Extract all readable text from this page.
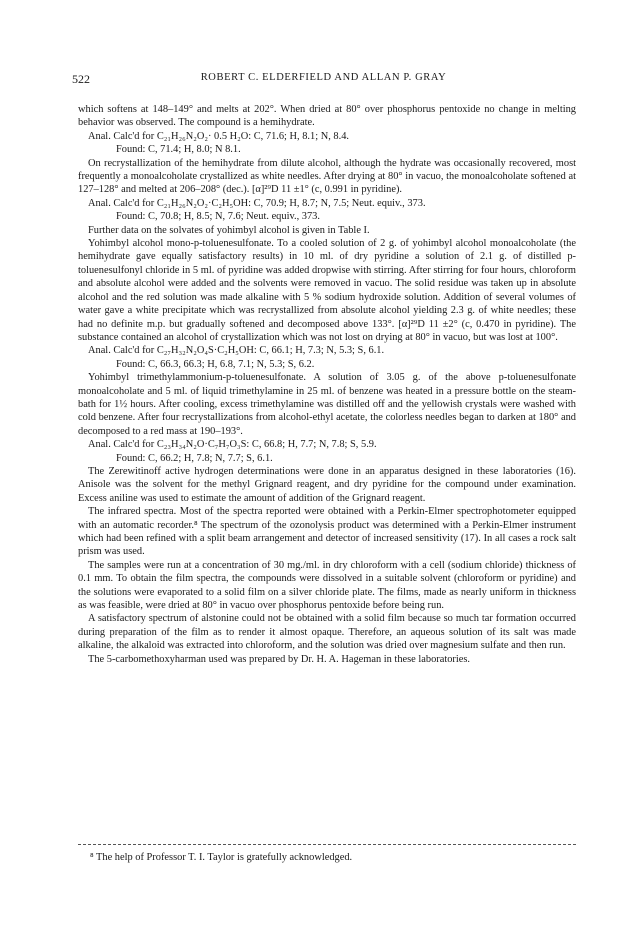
522	ROBERT C. ELDERFIELD AND ALLAN P. GRAY

which softens at 148–149° and melts at 202°. When dried at 80° over phosphorus pentoxide no change in melting behavior was observed. The compound is a hemihydrate.

Anal. Calc'd for C₂₁H₂₆N₂O₂· 0.5 H₂O: C, 71.6; H, 8.1; N, 8.4.

Found: C, 71.4; H, 8.0; N 8.1.

On recrystallization of the hemihydrate from dilute alcohol, although the hydrate was occasionally recovered, most frequently a monoalcoholate crystallized as white needles. After drying at 80° in vacuo, the monoalcoholate softened at 127–128° and melted at 206–208° (dec.). [α]²⁹D 11 ±1° (c, 0.991 in pyridine).

Anal. Calc'd for C₂₁H₂₆N₂O₂·C₂H₅OH: C, 70.9; H, 8.7; N, 7.5; Neut. equiv., 373.

Found: C, 70.8; H, 8.5; N, 7.6; Neut. equiv., 373.

Further data on the solvates of yohimbyl alcohol is given in Table I.

Yohimbyl alcohol mono-p-toluenesulfonate. To a cooled solution of 2 g. of yohimbyl alcohol monoalcoholate (the hemihydrate gave equally satisfactory results) in 10 ml. of dry pyridine a solution of 2.1 g. of distilled p-toluenesulfonyl chloride in 5 ml. of pyridine was added dropwise with stirring. After stirring for four hours, chloroform and absolute alcohol were added and the solvents were removed in vacuo. The solid residue was taken up in absolute alcohol and the red solution was made alkaline with 5 % sodium hydroxide solution. Addition of several volumes of water gave a white precipitate which was recrystallized from absolute alcohol yielding 2.3 g. of white needles; these had no definite m.p. but gradually softened and decomposed above 133°. [α]²⁹D 11 ±2° (c, 0.470 in pyridine). The substance contained an alcohol of crystallization which was not lost on drying at 80° in vacuo, but was lost at 100°.

Anal. Calc'd for C₂₇H₃₂N₂O₄S·C₂H₅OH: C, 66.1; H, 7.3; N, 5.3; S, 6.1.

Found: C, 66.3, 66.3; H, 6.8, 7.1; N, 5.3; S, 6.2.

Yohimbyl trimethylammonium-p-toluenesulfonate. A solution of 3.05 g. of the above p-toluenesulfonate monoalcoholate and 5 ml. of liquid trimethylamine in 25 ml. of benzene was heated in a pressure bottle on the steam-bath for 1½ hours. After cooling, excess trimethylamine was distilled off and the yellowish crystals were washed with cold benzene. After four recrystallizations from alcohol-ethyl acetate, the colorless needles began to darken at 180° and decomposed to a red mass at 190–193°.

Anal. Calc'd for C₂₃H₃₄N₂O·C₇H₇O₃S: C, 66.8; H, 7.7; N, 7.8; S, 5.9.

Found: C, 66.2; H, 7.8; N, 7.7; S, 6.1.

The Zerewitinoff active hydrogen determinations were done in an apparatus designed in these laboratories (16). Anisole was the solvent for the methyl Grignard reagent, and dry pyridine for the compound under examination. Excess aniline was used to estimate the amount of addition of the Grignard reagent.

The infrared spectra. Most of the spectra reported were obtained with a Perkin-Elmer spectrophotometer equipped with an automatic recorder.⁸ The spectrum of the ozonolysis product was determined with a Perkin-Elmer instrument which had been refined with a split beam arrangement and detector of increased sensitivity (17). In all cases a rock salt prism was used.

The samples were run at a concentration of 30 mg./ml. in dry chloroform with a cell (sodium chloride) thickness of 0.1 mm. To obtain the film spectra, the compounds were dissolved in a suitable solvent (chloroform or pyridine) and the solutions were evaporated to a solid film on a silver chloride plate. The films, made as nearly uniform in thickness as was feasible, were dried at 80° in vacuo over phosphorus pentoxide before being run.

A satisfactory spectrum of alstonine could not be obtained with a solid film because so much tar formation occurred during preparation of the film as to render it almost opaque. Therefore, an aqueous solution of its salt was made alkaline, the alkaloid was extracted into chloroform, and the solution was dried over magnesium sulfate and then run.

The 5-carbomethoxyharman used was prepared by Dr. H. A. Hageman in these laboratories.

⁸ The help of Professor T. I. Taylor is gratefully acknowledged.
